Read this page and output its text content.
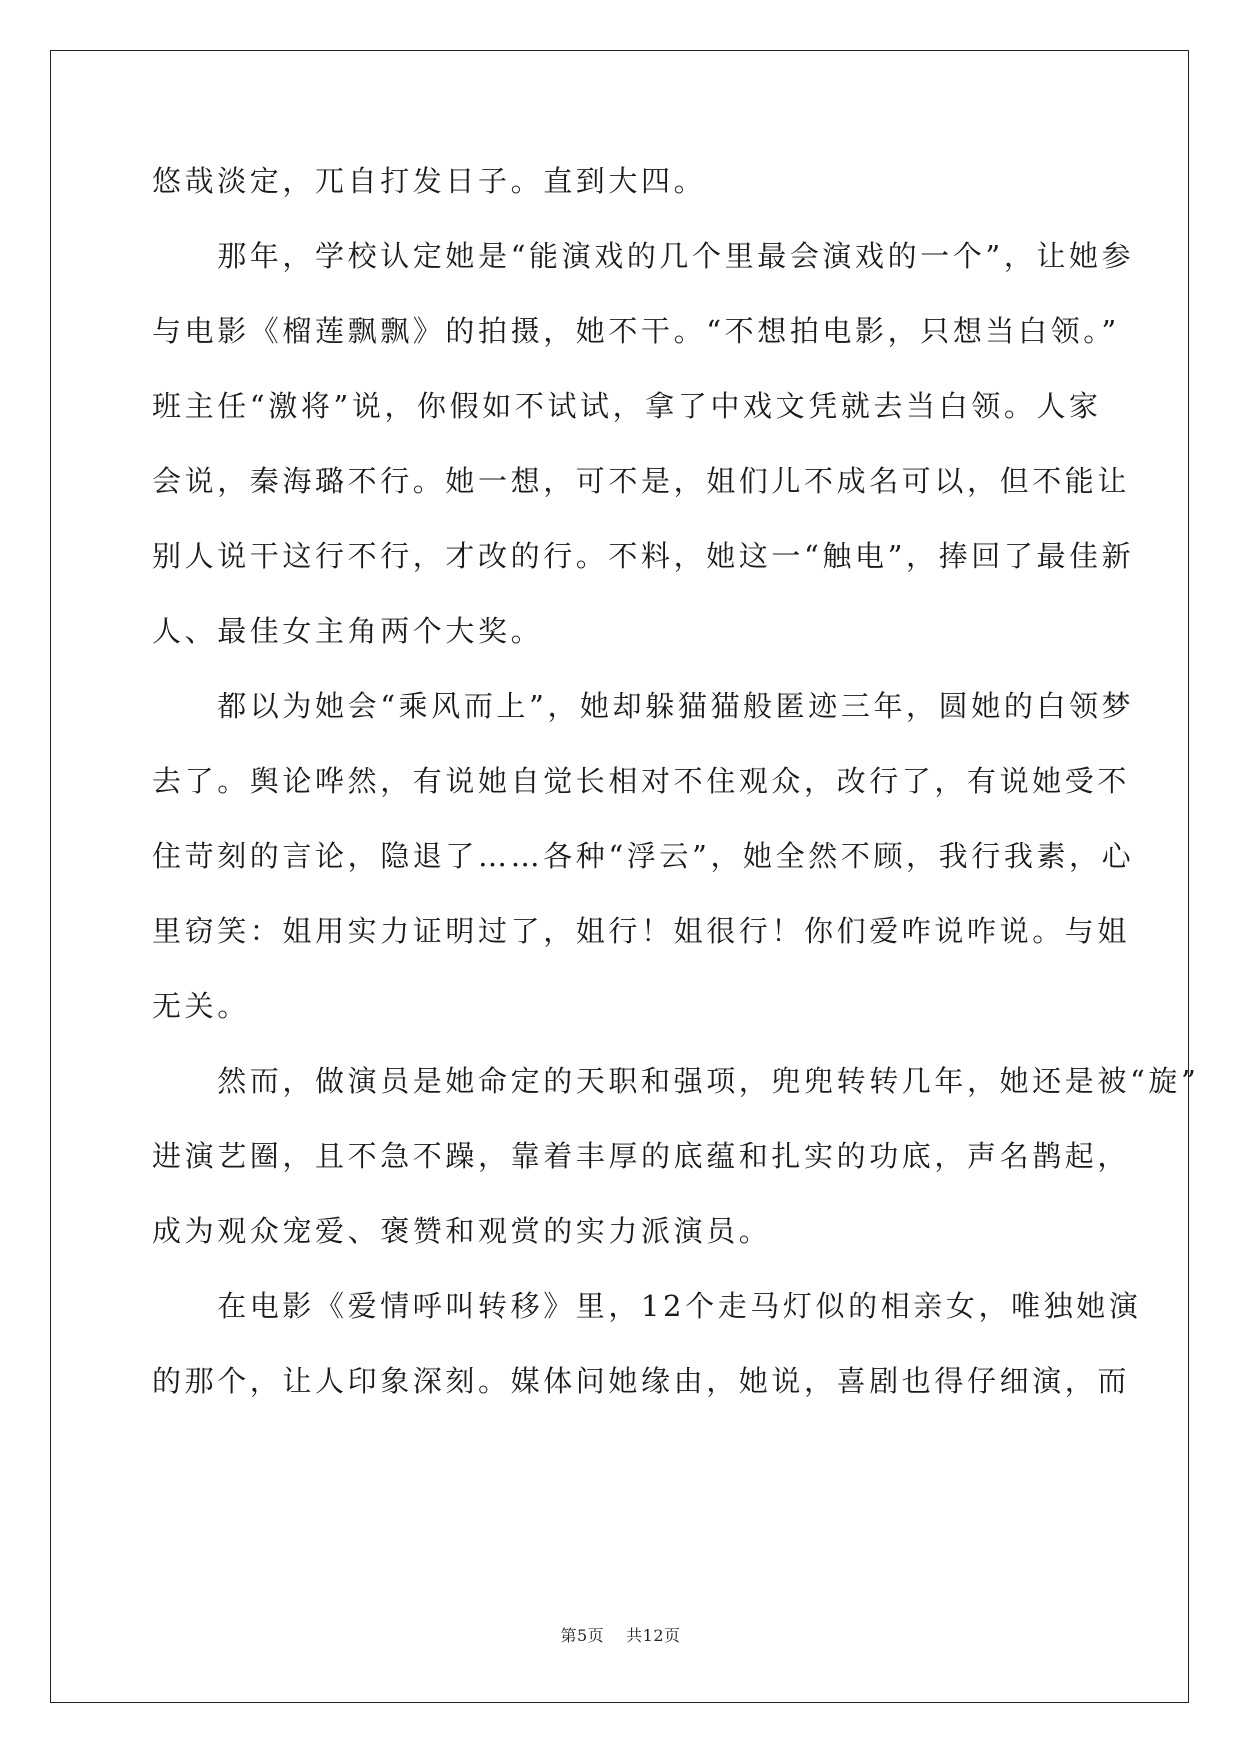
悠哉淡定，兀自打发日子。直到大四。
　　那年，学校认定她是“能演戏的几个里最会演戏的一个”，让她参
与电影《榴莲飘飘》的拍摄，她不干。“不想拍电影，只想当白领。”
班主任“激将”说，你假如不试试，拿了中戏文凭就去当白领。人家
会说，秦海璐不行。她一想，可不是，姐们儿不成名可以，但不能让
别人说干这行不行，才改的行。不料，她这一“触电”，捧回了最佳新
人、最佳女主角两个大奖。
　　都以为她会“乘风而上”，她却躲猫猫般匿迹三年，圆她的白领梦
去了。舆论哗然，有说她自觉长相对不住观众，改行了，有说她受不
住苛刻的言论，隐退了……各种“浮云”，她全然不顾，我行我素，心
里窃笑：姐用实力证明过了，姐行！姐很行！你们爱咋说咋说。与姐
无关。
　　然而，做演员是她命定的天职和强项，兜兜转转几年，她还是被“旋”
进演艺圈，且不急不躁，靠着丰厚的底蕴和扎实的功底，声名鹊起，
成为观众宠爱、褒赞和观赏的实力派演员。
　　在电影《爱情呼叫转移》里，12个走马灯似的相亲女，唯独她演
的那个，让人印象深刻。媒体问她缘由，她说，喜剧也得仔细演，而
第5页 共12页
